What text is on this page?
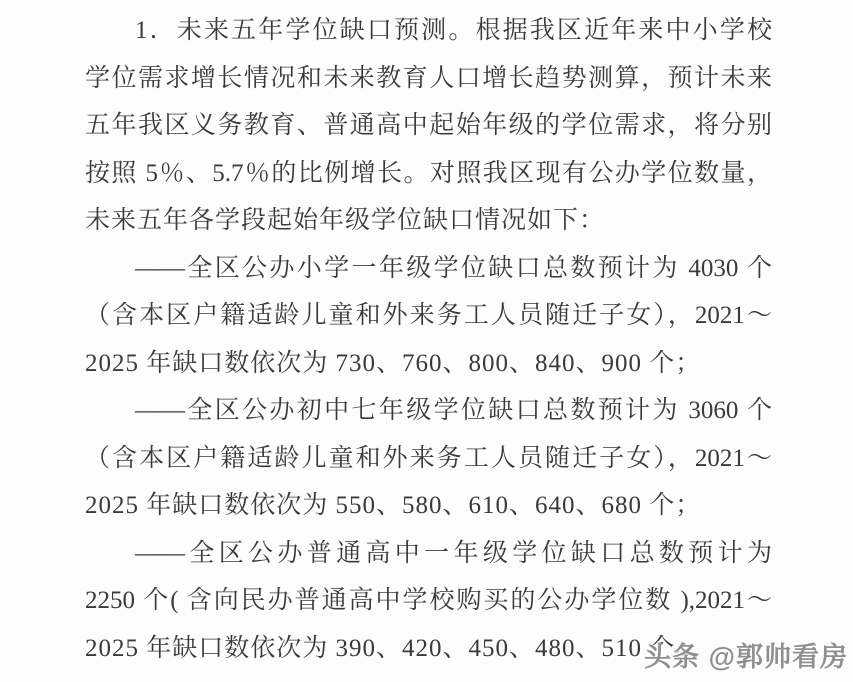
1．未来五年学位缺口预测。根据我区近年来中小学校

学位需求增长情况和未来教育人口增长趋势测算，预计未来

五年我区义务教育、普通高中起始年级的学位需求，将分别

按照 5％、5.7％的比例增长。对照我区现有公办学位数量，

未来五年各学段起始年级学位缺口情况如下：

——全区公办小学一年级学位缺口总数预计为 4030 个

（含本区户籍适龄儿童和外来务工人员随迁子女），2021～

2025 年缺口数依次为 730、760、800、840、900 个；

——全区公办初中七年级学位缺口总数预计为 3060 个

（含本区户籍适龄儿童和外来务工人员随迁子女），2021～

2025 年缺口数依次为 550、580、610、640、680 个；

——全区公办普通高中一年级学位缺口总数预计为

2250 个( 含向民办普通高中学校购买的公办学位数 ),2021～

2025 年缺口数依次为 390、420、450、480、510 个。

头条 @郭帅看房
